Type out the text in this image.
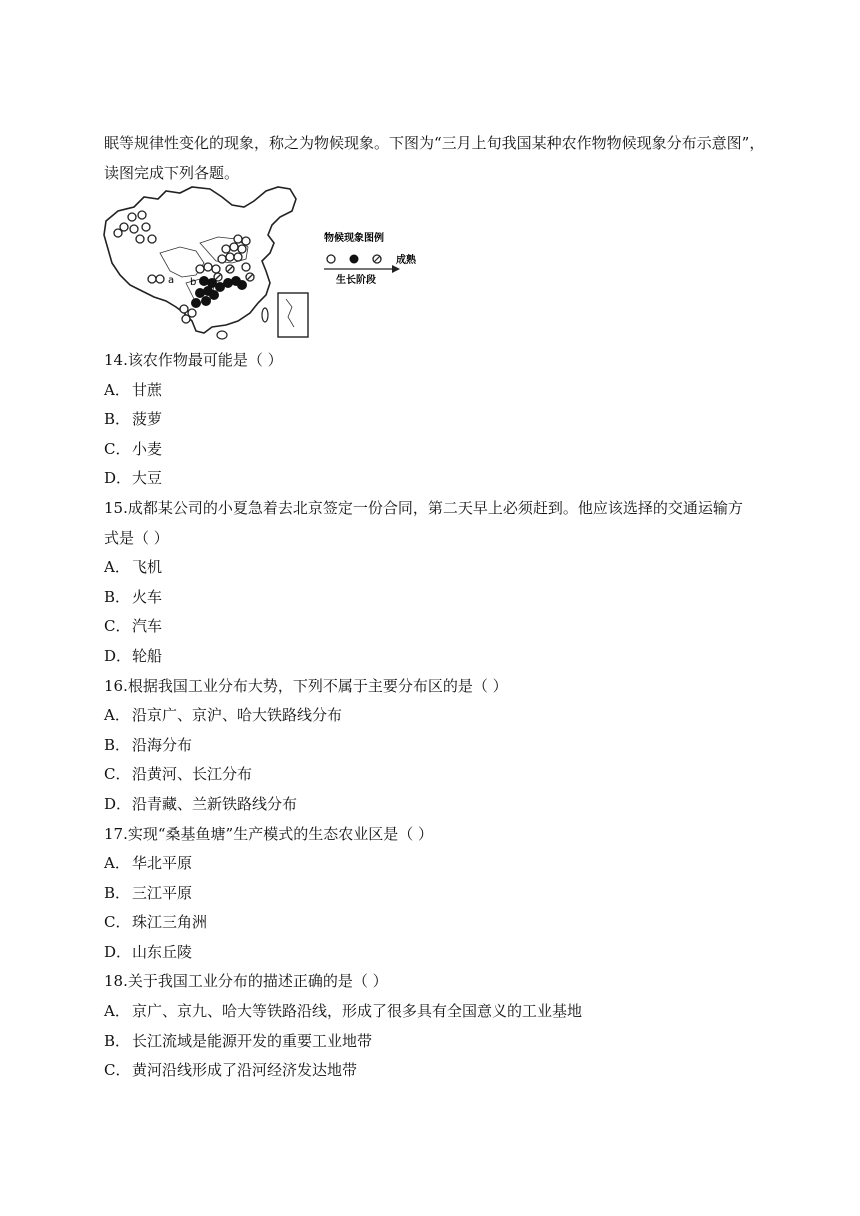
眠等规律性变化的现象，称之为物候现象。下图为“三月上旬我国某种农作物物候现象分布示意图”，

读图完成下列各题。

a b
物候现象图例
成熟
生长阶段
14.该农作物最可能是（ ）
A． 甘蔗
B． 菠萝
C． 小麦
D．大豆
15.成都某公司的小夏急着去北京签定一份合同，第二天早上必须赶到。他应该选择的交通运输方
式是（ ）
A． 飞机
B． 火车
C． 汽车
D．轮船
16.根据我国工业分布大势，下列不属于主要分布区的是（ ）
A． 沿京广、京沪、哈大铁路线分布
B． 沿海分布
C． 沿黄河、长江分布
D．沿青藏、兰新铁路线分布
17.实现“桑基鱼塘”生产模式的生态农业区是（ ）
A． 华北平原
B． 三江平原
C． 珠江三角洲
D．山东丘陵
18.关于我国工业分布的描述正确的是（ ）
A． 京广、京九、哈大等铁路沿线，形成了很多具有全国意义的工业基地
B． 长江流域是能源开发的重要工业地带
C． 黄河沿线形成了沿河经济发达地带
